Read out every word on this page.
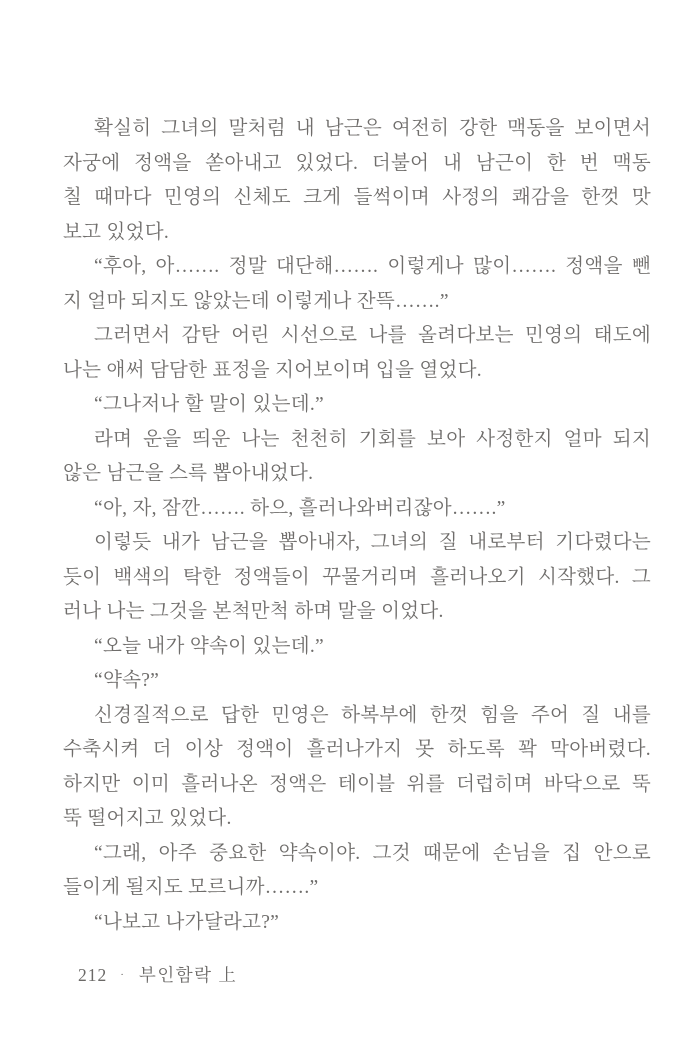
확실히 그녀의 말처럼 내 남근은 여전히 강한 맥동을 보이면서
자궁에 정액을 쏟아내고 있었다. 더불어 내 남근이 한 번 맥동
칠 때마다 민영의 신체도 크게 들썩이며 사정의 쾌감을 한껏 맛
보고 있었다.
“후아, 아……. 정말 대단해……. 이렇게나 많이……. 정액을 뺀
지 얼마 되지도 않았는데 이렇게나 잔뜩…….”
그러면서 감탄 어린 시선으로 나를 올려다보는 민영의 태도에
나는 애써 담담한 표정을 지어보이며 입을 열었다.
“그나저나 할 말이 있는데.”
라며 운을 띄운 나는 천천히 기회를 보아 사정한지 얼마 되지
않은 남근을 스륵 뽑아내었다.
“아, 자, 잠깐……. 하으, 흘러나와버리잖아…….”
이렇듯 내가 남근을 뽑아내자, 그녀의 질 내로부터 기다렸다는
듯이 백색의 탁한 정액들이 꾸물거리며 흘러나오기 시작했다. 그
러나 나는 그것을 본척만척 하며 말을 이었다.
“오늘 내가 약속이 있는데.”
“약속?”
신경질적으로 답한 민영은 하복부에 한껏 힘을 주어 질 내를
수축시켜 더 이상 정액이 흘러나가지 못 하도록 꽉 막아버렸다.
하지만 이미 흘러나온 정액은 테이블 위를 더럽히며 바닥으로 뚝
뚝 떨어지고 있었다.
“그래, 아주 중요한 약속이야. 그것 때문에 손님을 집 안으로
들이게 될지도 모르니까…….”
“나보고 나가달라고?”
212 · 부인함락 上
